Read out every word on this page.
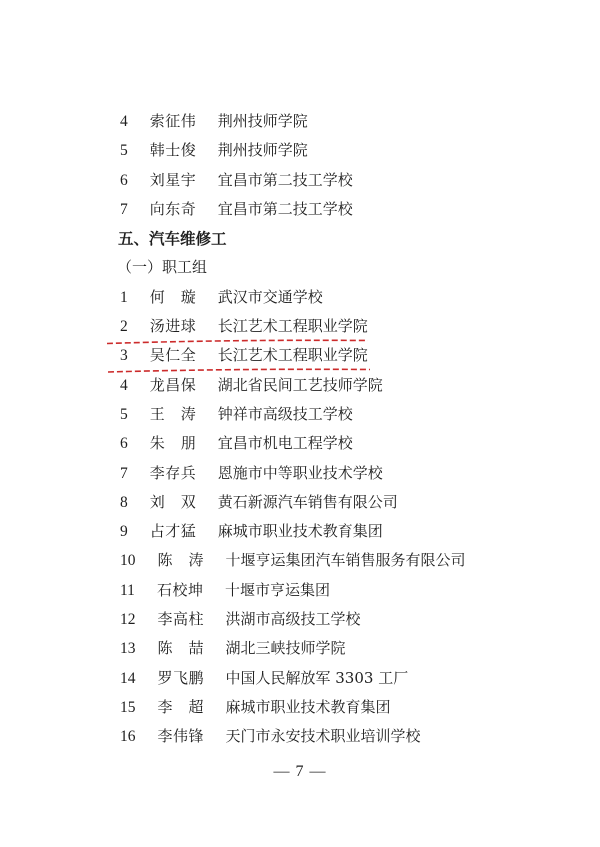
4 索征伟 荆州技师学院
5 韩士俊 荆州技师学院
6 刘星宇 宜昌市第二技工学校
7 向东奇 宜昌市第二技工学校
五、汽车维修工
（一）职工组
1 何　璇 武汉市交通学校
2 汤进球 长江艺术工程职业学院
3 吴仁全 长江艺术工程职业学院
4 龙昌保 湖北省民间工艺技师学院
5 王　涛 钟祥市高级技工学校
6 朱　朋 宜昌市机电工程学校
7 李存兵 恩施市中等职业技术学校
8 刘　双 黄石新源汽车销售有限公司
9 占才猛 麻城市职业技术教育集团
10 陈　涛 十堰亨运集团汽车销售服务有限公司
11 石校坤 十堰市亨运集团
12 李高柱 洪湖市高级技工学校
13 陈　喆 湖北三峡技师学院
14 罗飞鹏 中国人民解放军 3303 工厂
15 李　超 麻城市职业技术教育集团
16 李伟锋 天门市永安技术职业培训学校
— 7 —
